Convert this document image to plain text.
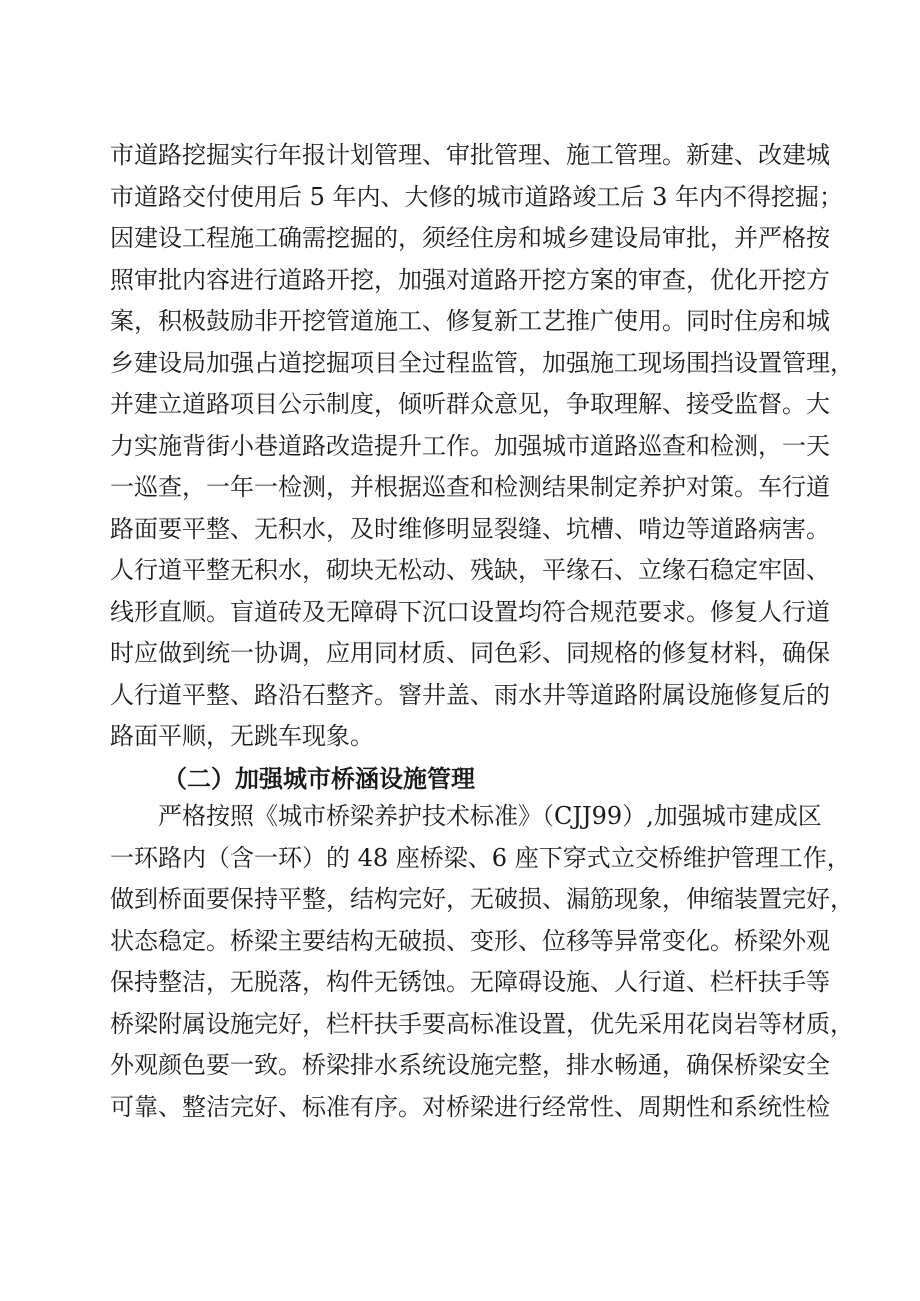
市道路挖掘实行年报计划管理、审批管理、施工管理。新建、改建城
市道路交付使用后 5 年内、大修的城市道路竣工后 3 年内不得挖掘；
因建设工程施工确需挖掘的，须经住房和城乡建设局审批，并严格按
照审批内容进行道路开挖，加强对道路开挖方案的审查，优化开挖方
案，积极鼓励非开挖管道施工、修复新工艺推广使用。同时住房和城
乡建设局加强占道挖掘项目全过程监管，加强施工现场围挡设置管理，
并建立道路项目公示制度，倾听群众意见，争取理解、接受监督。大
力实施背街小巷道路改造提升工作。加强城市道路巡查和检测，一天
一巡查，一年一检测，并根据巡查和检测结果制定养护对策。车行道
路面要平整、无积水，及时维修明显裂缝、坑槽、啃边等道路病害。
人行道平整无积水，砌块无松动、残缺，平缘石、立缘石稳定牢固、
线形直顺。盲道砖及无障碍下沉口设置均符合规范要求。修复人行道
时应做到统一协调，应用同材质、同色彩、同规格的修复材料，确保
人行道平整、路沿石整齐。窨井盖、雨水井等道路附属设施修复后的
路面平顺，无跳车现象。
（二）加强城市桥涵设施管理
严格按照《城市桥梁养护技术标准》（CJJ99）,加强城市建成区
一环路内（含一环）的 48 座桥梁、6 座下穿式立交桥维护管理工作，
做到桥面要保持平整，结构完好，无破损、漏筋现象，伸缩装置完好，
状态稳定。桥梁主要结构无破损、变形、位移等异常变化。桥梁外观
保持整洁，无脱落，构件无锈蚀。无障碍设施、人行道、栏杆扶手等
桥梁附属设施完好，栏杆扶手要高标准设置，优先采用花岗岩等材质，
外观颜色要一致。桥梁排水系统设施完整，排水畅通，确保桥梁安全
可靠、整洁完好、标准有序。对桥梁进行经常性、周期性和系统性检
